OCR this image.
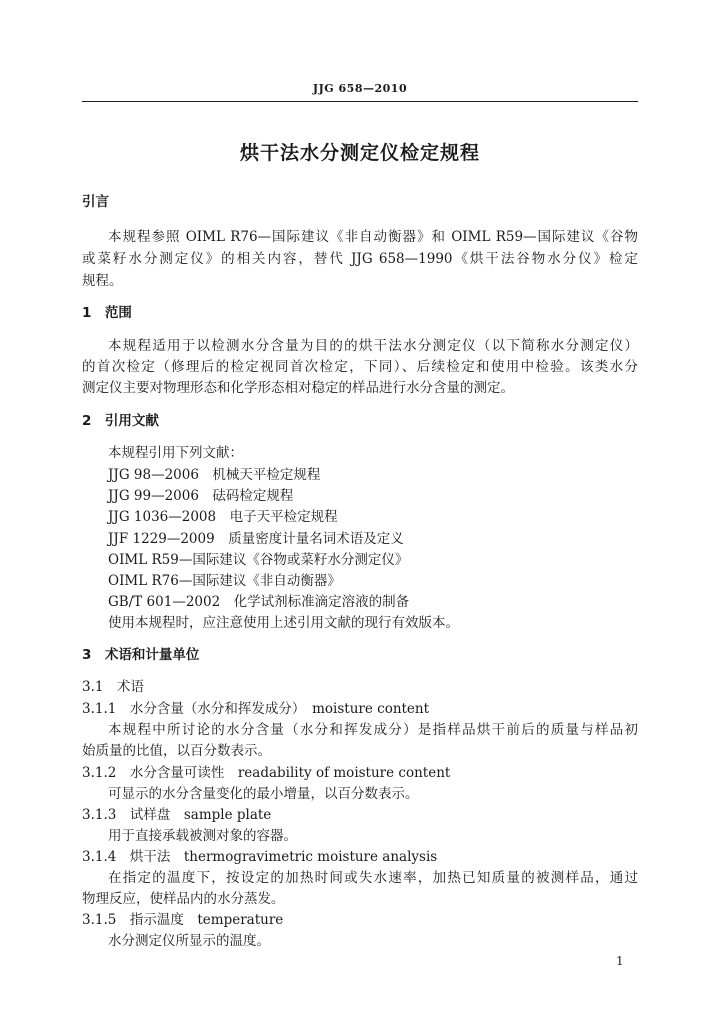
JJG 658—2010
烘干法水分测定仪检定规程
引言
本规程参照 OIML R76—国际建议《非自动衡器》和 OIML R59—国际建议《谷物
或菜籽水分测定仪》的相关内容，替代 JJG 658—1990《烘干法谷物水分仪》检定
规程。
1　范围
本规程适用于以检测水分含量为目的的烘干法水分测定仪（以下简称水分测定仪）
的首次检定（修理后的检定视同首次检定，下同）、后续检定和使用中检验。该类水分
测定仪主要对物理形态和化学形态相对稳定的样品进行水分含量的测定。
2　引用文献
本规程引用下列文献：
JJG 98—2006　机械天平检定规程
JJG 99—2006　砝码检定规程
JJG 1036—2008　电子天平检定规程
JJF 1229—2009　质量密度计量名词术语及定义
OIML R59—国际建议《谷物或菜籽水分测定仪》
OIML R76—国际建议《非自动衡器》
GB/T 601—2002　化学试剂标准滴定溶液的制备
使用本规程时，应注意使用上述引用文献的现行有效版本。
3　术语和计量单位
3.1　术语
3.1.1　水分含量（水分和挥发成分）　moisture content
本规程中所讨论的水分含量（水分和挥发成分）是指样品烘干前后的质量与样品初
始质量的比值，以百分数表示。
3.1.2　水分含量可读性　readability of moisture content
可显示的水分含量变化的最小增量，以百分数表示。
3.1.3　试样盘　sample plate
用于直接承载被测对象的容器。
3.1.4　烘干法　thermogravimetric moisture analysis
在指定的温度下，按设定的加热时间或失水速率，加热已知质量的被测样品，通过
物理反应，使样品内的水分蒸发。
3.1.5　指示温度　temperature
水分测定仪所显示的温度。
1
